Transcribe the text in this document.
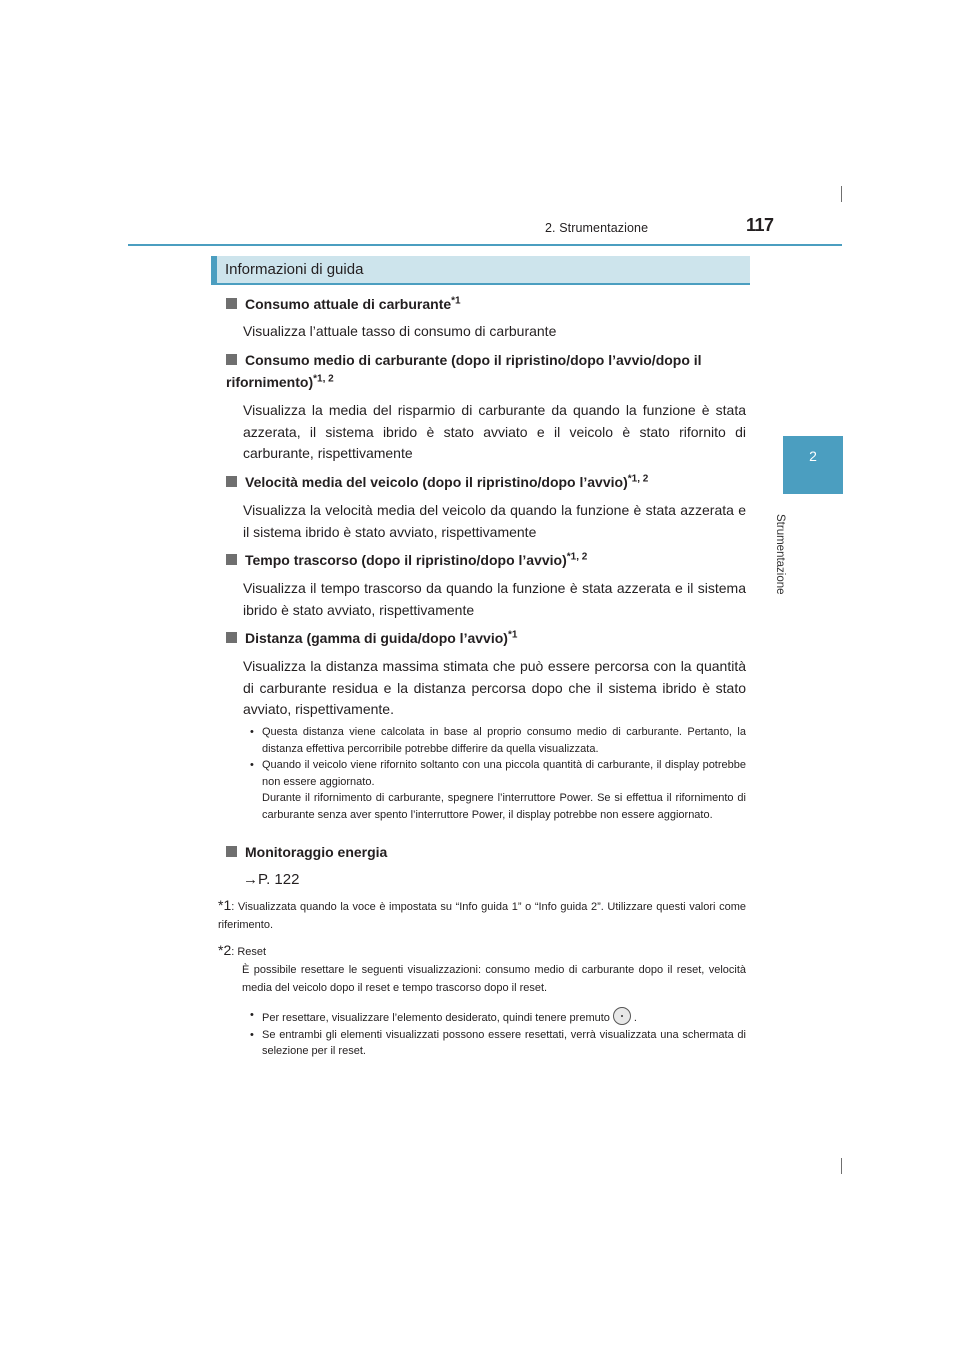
2. Strumentazione	117
2
Strumentazione
Informazioni di guida
Consumo attuale di carburante$^{*1}$
Visualizza l’attuale tasso di consumo di carburante
Consumo medio di carburante (dopo il ripristino/dopo l’avvio/dopo il rifornimento)$^{*1, 2}$
Visualizza la media del risparmio di carburante da quando la funzione è stata azzerata, il sistema ibrido è stato avviato e il veicolo è stato rifornito di carburante, rispettivamente
Velocità media del veicolo (dopo il ripristino/dopo l’avvio)$^{*1, 2}$
Visualizza la velocità media del veicolo da quando la funzione è stata azzerata e il sistema ibrido è stato avviato, rispettivamente
Tempo trascorso (dopo il ripristino/dopo l’avvio)$^{*1, 2}$
Visualizza il tempo trascorso da quando la funzione è stata azzerata e il sistema ibrido è stato avviato, rispettivamente
Distanza (gamma di guida/dopo l’avvio)$^{*1}$
Visualizza la distanza massima stimata che può essere percorsa con la quantità di carburante residua e la distanza percorsa dopo che il sistema ibrido è stato avviato, rispettivamente.
• Questa distanza viene calcolata in base al proprio consumo medio di carburante. Pertanto, la distanza effettiva percorribile potrebbe differire da quella visualizzata.
• Quando il veicolo viene rifornito soltanto con una piccola quantità di carburante, il display potrebbe non essere aggiornato.
Durante il rifornimento di carburante, spegnere l’interruttore Power. Se si effettua il rifornimento di carburante senza aver spento l’interruttore Power, il display potrebbe non essere aggiornato.
Monitoraggio energia
→P. 122
*1: Visualizzata quando la voce è impostata su “Info guida 1” o “Info guida 2”. Utilizzare questi valori come riferimento.
*2: Reset
È possibile resettare le seguenti visualizzazioni: consumo medio di carburante dopo il reset, velocità media del veicolo dopo il reset e tempo trascorso dopo il reset.
• Per resettare, visualizzare l’elemento desiderato, quindi tenere premuto .
• Se entrambi gli elementi visualizzati possono essere resettati, verrà visualizzata una schermata di selezione per il reset.
